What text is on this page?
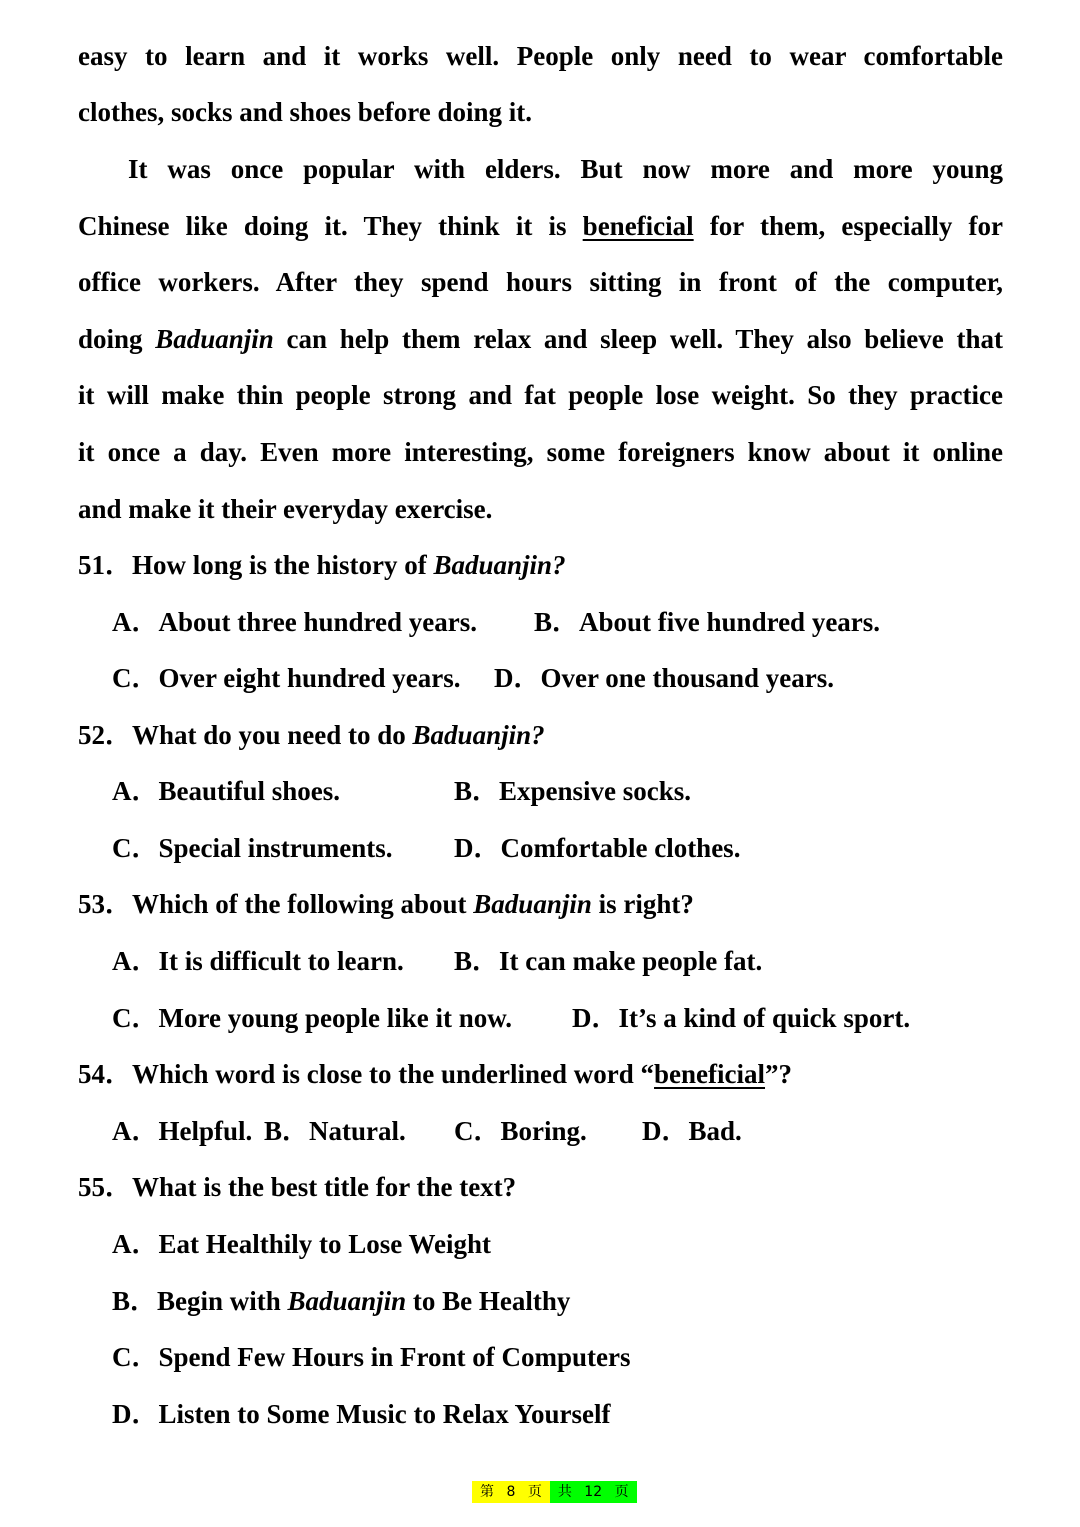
easy to learn and it works well. People only need to wear comfortable
clothes, socks and shoes before doing it.
It was once popular with elders. But now more and more young
Chinese like doing it. They think it is beneficial for them, especially for
office workers. After they spend hours sitting in front of the computer,
doing Baduanjin can help them relax and sleep well. They also believe that
it will make thin people strong and fat people lose weight. So they practice
it once a day. Even more interesting, some foreigners know about it online
and make it their everyday exercise.
51．How long is the history of Baduanjin?
A．About three hundred years. B．About five hundred years.
C．Over eight hundred years. D．Over one thousand years.
52．What do you need to do Baduanjin?
A．Beautiful shoes.	B．Expensive socks.
C．Special instruments. D．Comfortable clothes.
53．Which of the following about Baduanjin is right?
A．It is difficult to learn. B．It can make people fat.
C．More young people like it now. D．It’s a kind of quick sport.
54．Which word is close to the underlined word “beneficial”?
A．Helpful. B．Natural. C．Boring. D．Bad.
55．What is the best title for the text?
A．Eat Healthily to Lose Weight
B．Begin with Baduanjin to Be Healthy
C．Spend Few Hours in Front of Computers
D．Listen to Some Music to Relax Yourself
第 8 页	共 12 页
